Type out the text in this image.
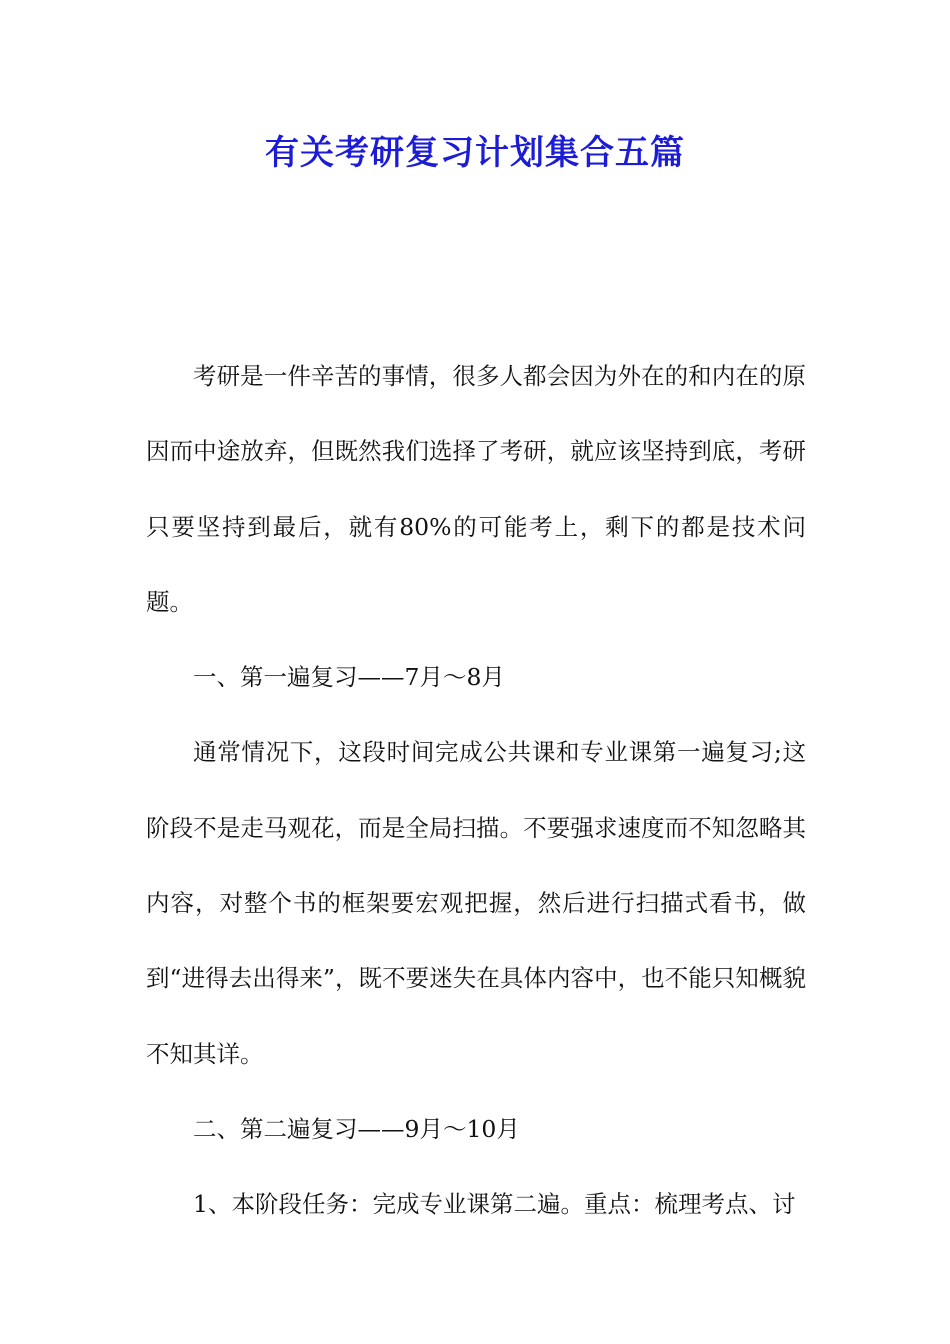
有关考研复习计划集合五篇

考研是一件辛苦的事情，很多人都会因为外在的和内在的原因而中途放弃，但既然我们选择了考研，就应该坚持到底，考研只要坚持到最后，就有80%的可能考上，剩下的都是技术问题。

一、第一遍复习——7月～8月

通常情况下，这段时间完成公共课和专业课第一遍复习;这阶段不是走马观花，而是全局扫描。不要强求速度而不知忽略其内容，对整个书的框架要宏观把握，然后进行扫描式看书，做到“进得去出得来”，既不要迷失在具体内容中，也不能只知概貌不知其详。

二、第二遍复习——9月～10月

1、本阶段任务：完成专业课第二遍。重点：梳理考点、讨
